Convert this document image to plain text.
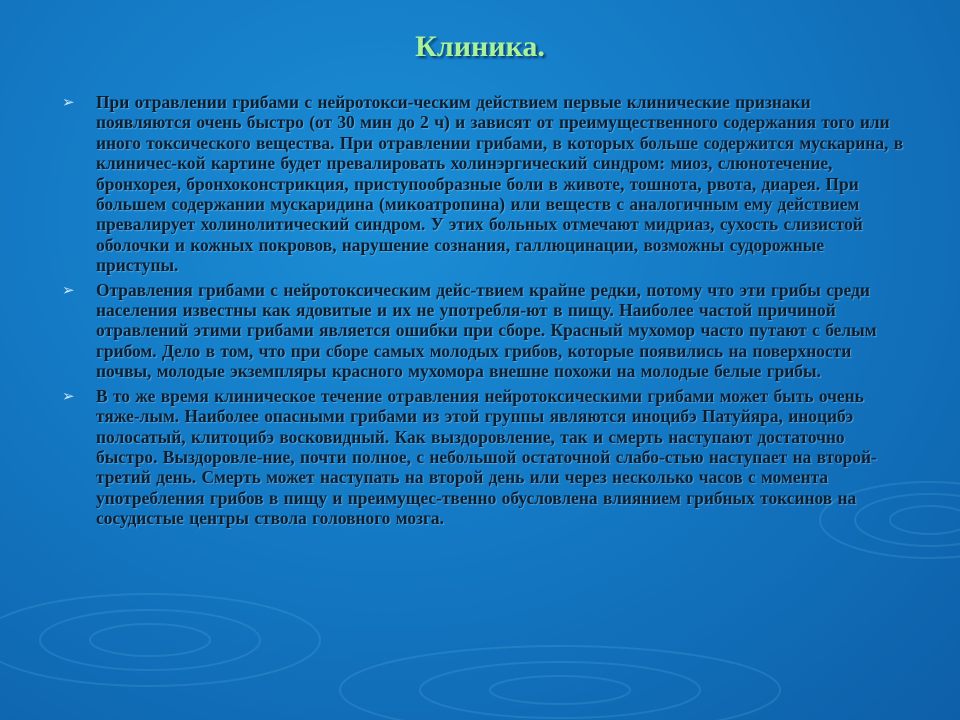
Клиника.
➢ При отравлении грибами с нейротокси-ческим действием первые клинические признаки появляются очень быстро (от 30 мин до 2 ч) и зависят от преимущественного содержания того или иного токсического вещества. При отравлении грибами, в которых больше содержится мускарина, в клиничес-кой картине будет превалировать холинэргический синдром: миоз, слюнотечение, бронхорея, бронхоконстрикция, приступообразные боли в животе, тошнота, рвота, диарея. При большем содержании мускаридина (микоатропина) или веществ с аналогичным ему действием превалирует холинолитический синдром. У этих больных отмечают мидриаз, сухость слизистой оболочки и кожных покровов, нарушение сознания, галлюцинации, возможны судорожные приступы.
➢ Отравления грибами с нейротоксическим дейс-твием крайне редки, потому что эти грибы среди населения известны как ядовитые и их не употребля-ют в пищу. Наиболее частой причиной отравлений этими грибами является ошибки при сборе. Красный мухомор часто путают с белым грибом. Дело в том, что при сборе самых молодых грибов, которые появились на поверхности почвы, молодые экземпляры красного мухомора внешне похожи на молодые белые грибы.
➢ В то же время клиническое течение отравления нейротоксическими грибами может быть очень тяже-лым. Наиболее опасными грибами из этой группы являются иноцибэ Патуйяра, иноцибэ полосатый, клитоцибэ восковидный. Как выздоровление, так и смерть наступают достаточно быстро. Выздоровле-ние, почти полное, с небольшой остаточной слабо-стью наступает на второй-третий день. Смерть может наступать на второй день или через несколько часов с момента употребления грибов в пищу и преимущес-твенно обусловлена влиянием грибных токсинов на сосудистые центры ствола головного мозга.
